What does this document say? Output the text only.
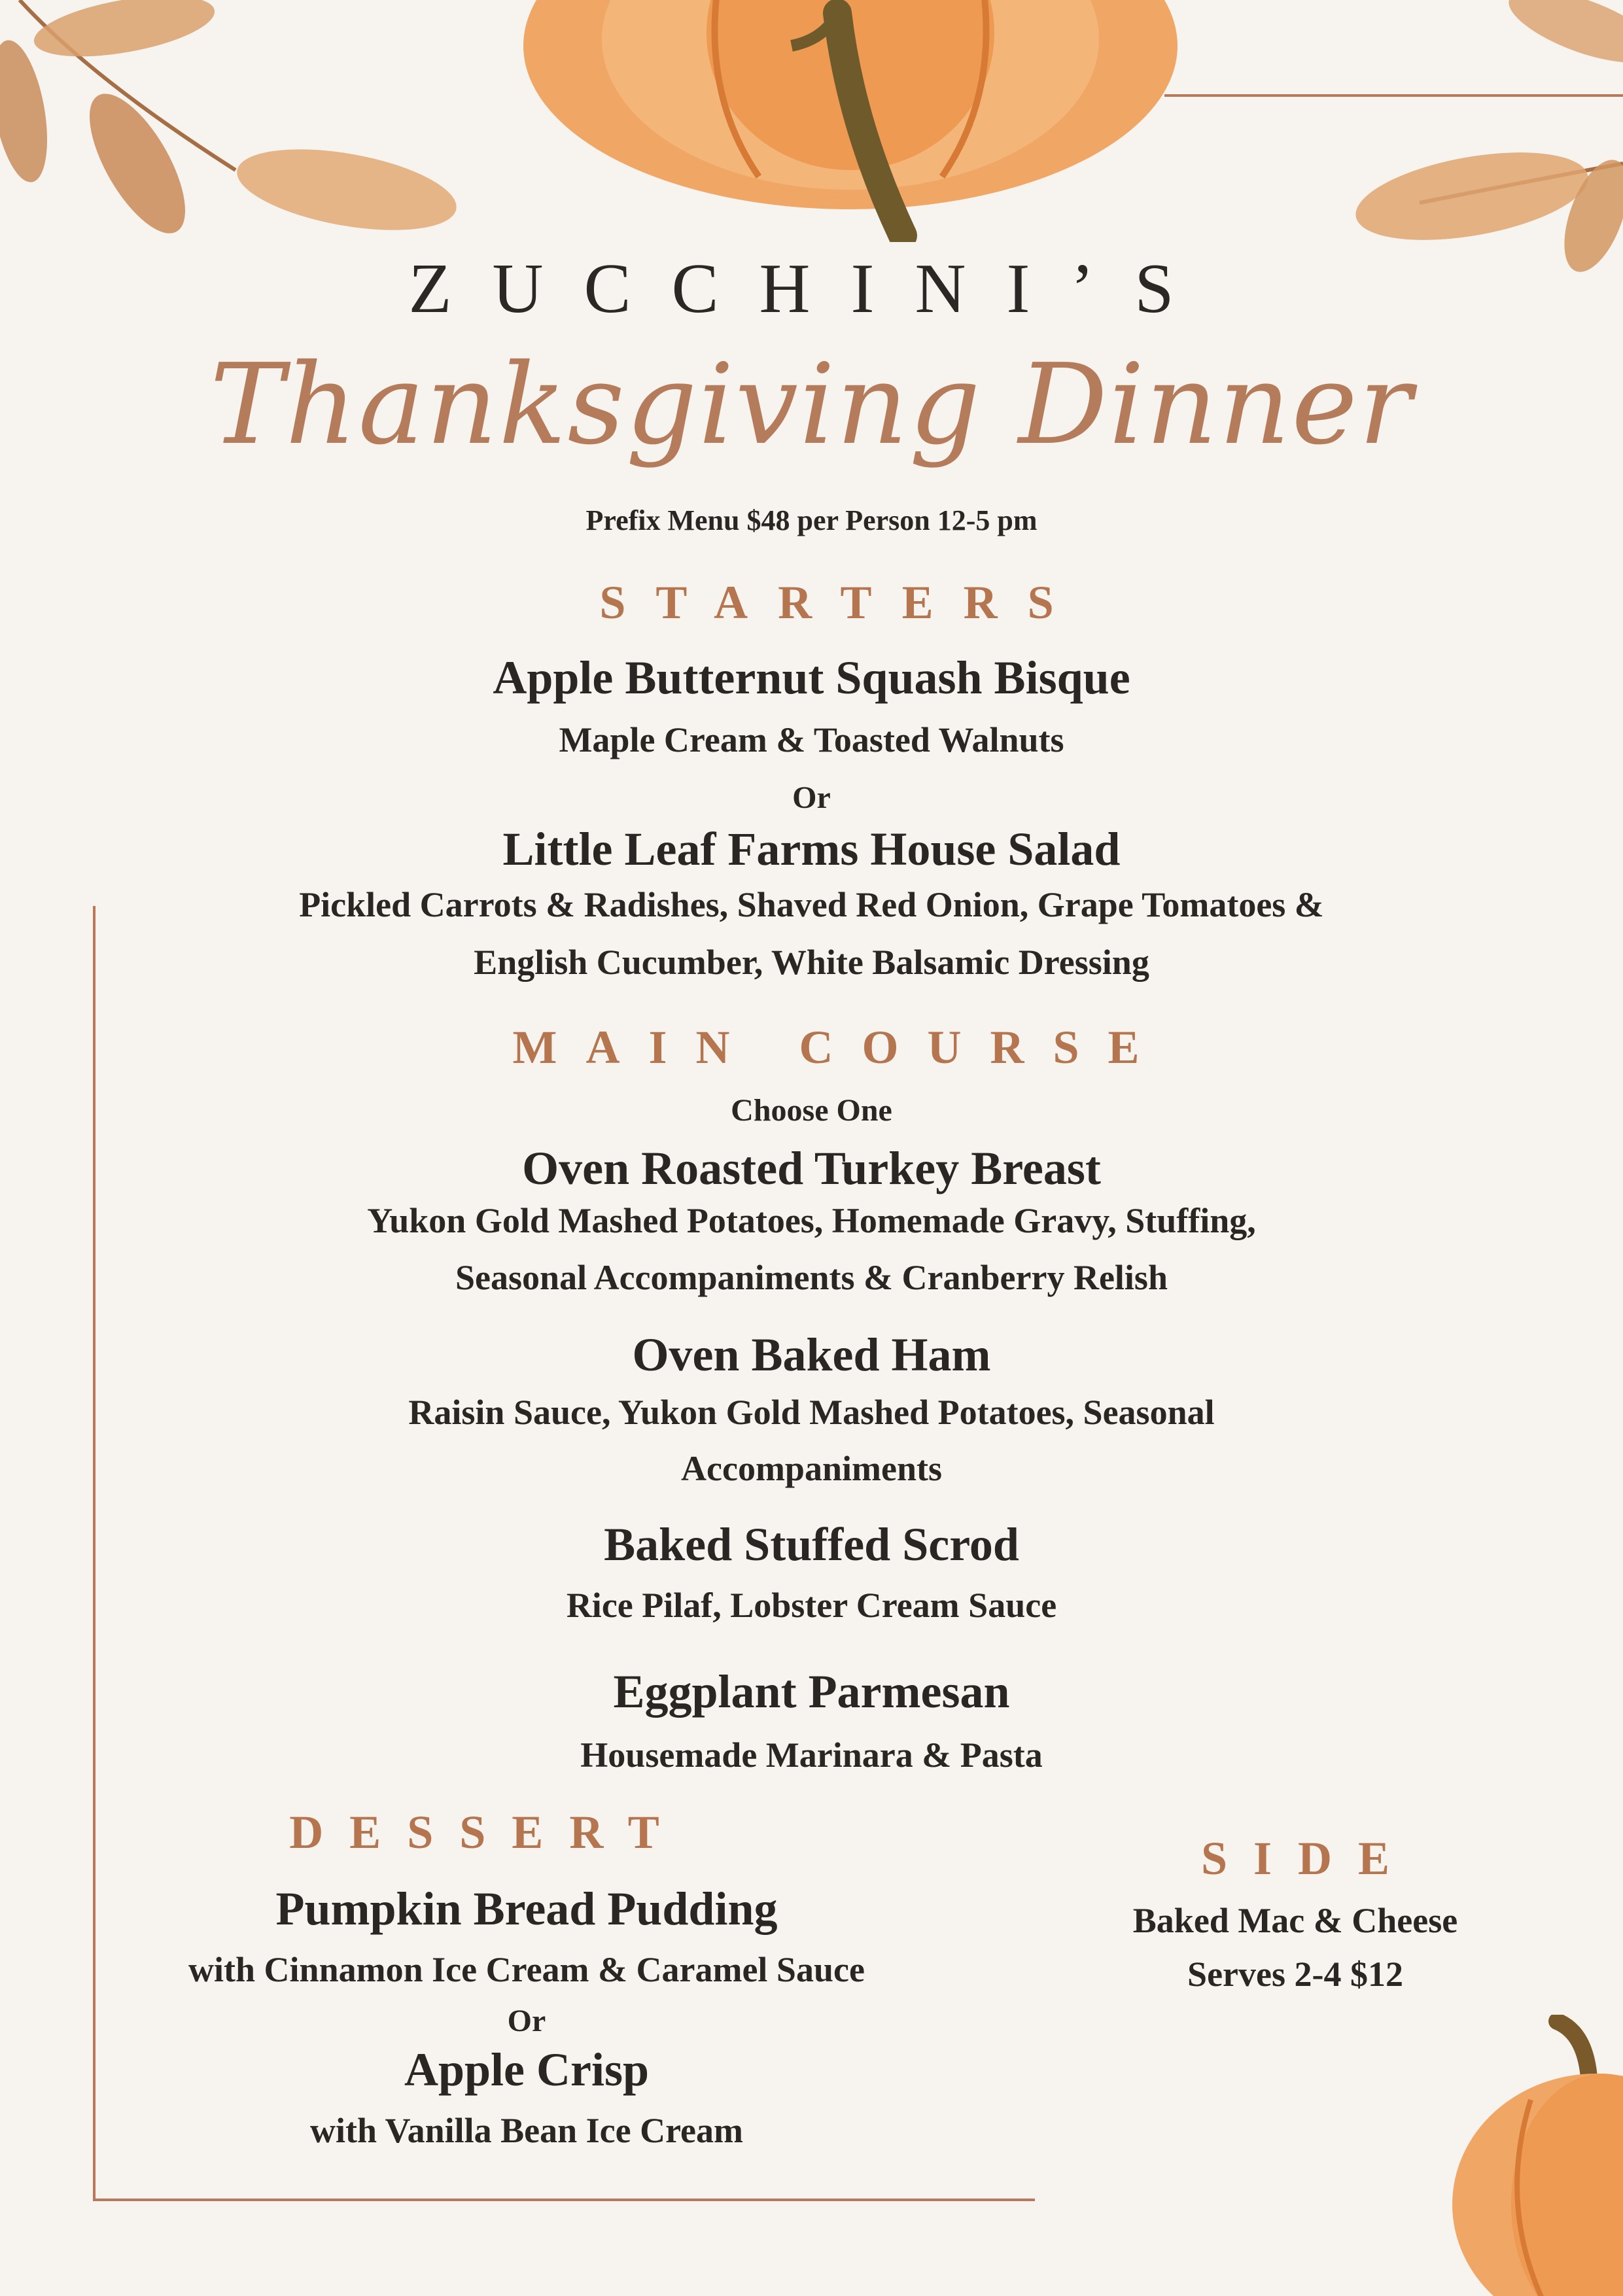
ZUCCHINI’S
Thanksgiving Dinner
Prefix Menu $48 per Person 12-5 pm
STARTERS
Apple Butternut Squash Bisque
Maple Cream & Toasted Walnuts
Or
Little Leaf Farms House Salad
Pickled Carrots & Radishes, Shaved Red Onion, Grape Tomatoes &
English Cucumber, White Balsamic Dressing
MAIN COURSE
Choose One
Oven Roasted Turkey Breast
Yukon Gold Mashed Potatoes, Homemade Gravy, Stuffing,
Seasonal Accompaniments & Cranberry Relish
Oven Baked Ham
Raisin Sauce, Yukon Gold Mashed Potatoes, Seasonal
Accompaniments
Baked Stuffed Scrod
Rice Pilaf, Lobster Cream Sauce
Eggplant Parmesan
Housemade Marinara & Pasta
DESSERT
Pumpkin Bread Pudding
with Cinnamon Ice Cream & Caramel Sauce
Or
Apple Crisp
with Vanilla Bean Ice Cream
SIDE
Baked Mac & Cheese
Serves 2-4 $12
